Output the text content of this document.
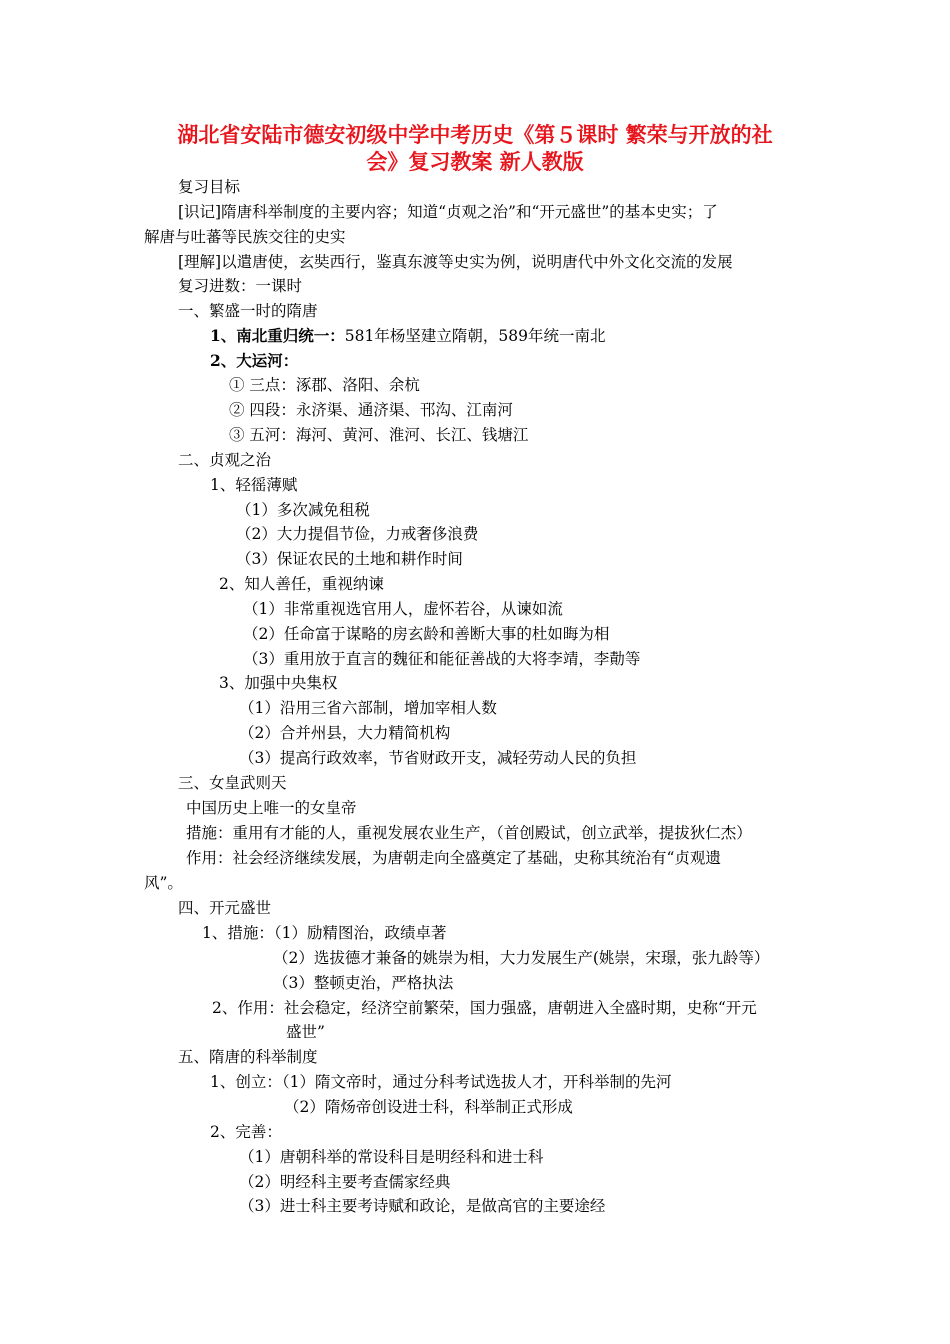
湖北省安陆市德安初级中学中考历史《第５课时 繁荣与开放的社
会》复习教案 新人教版
复习目标
[识记]隋唐科举制度的主要内容；知道“贞观之治”和“开元盛世”的基本史实；了
解唐与吐蕃等民族交往的史实
[理解]以遣唐使，玄奘西行，鉴真东渡等史实为例，说明唐代中外文化交流的发展
复习进数：一课时
一、繁盛一时的隋唐
1、南北重归统一：581年杨坚建立隋朝，589年统一南北
2、大运河：
① 三点：涿郡、洛阳、余杭
② 四段：永济渠、通济渠、邗沟、江南河
③ 五河：海河、黄河、淮河、长江、钱塘江
二、贞观之治
1、轻徭薄赋
（1）多次减免租税
（2）大力提倡节俭，力戒奢侈浪费
（3）保证农民的土地和耕作时间
2、知人善任，重视纳谏
（1）非常重视选官用人，虚怀若谷，从谏如流
（2）任命富于谋略的房玄龄和善断大事的杜如晦为相
（3）重用放于直言的魏征和能征善战的大将李靖，李勣等
3、加强中央集权
（1）沿用三省六部制，增加宰相人数
（2）合并州县，大力精简机构
（3）提高行政效率，节省财政开支，减轻劳动人民的负担
三、女皇武则天
中国历史上唯一的女皇帝
措施：重用有才能的人，重视发展农业生产，（首创殿试，创立武举，提拔狄仁杰）
作用：社会经济继续发展，为唐朝走向全盛奠定了基础，史称其统治有“贞观遗
风”。
四、开元盛世
1、措施：（1）励精图治，政绩卓著
（2）选拔德才兼备的姚崇为相，大力发展生产(姚崇，宋璟，张九龄等）
（3）整顿吏治，严格执法
2、作用：社会稳定，经济空前繁荣，国力强盛，唐朝进入全盛时期，史称“开元
盛世”
五、隋唐的科举制度
1、创立：（1）隋文帝时，通过分科考试选拔人才，开科举制的先河
（2）隋炀帝创设进士科，科举制正式形成
2、完善：
（1）唐朝科举的常设科目是明经科和进士科
（2）明经科主要考查儒家经典
（3）进士科主要考诗赋和政论，是做高官的主要途经
